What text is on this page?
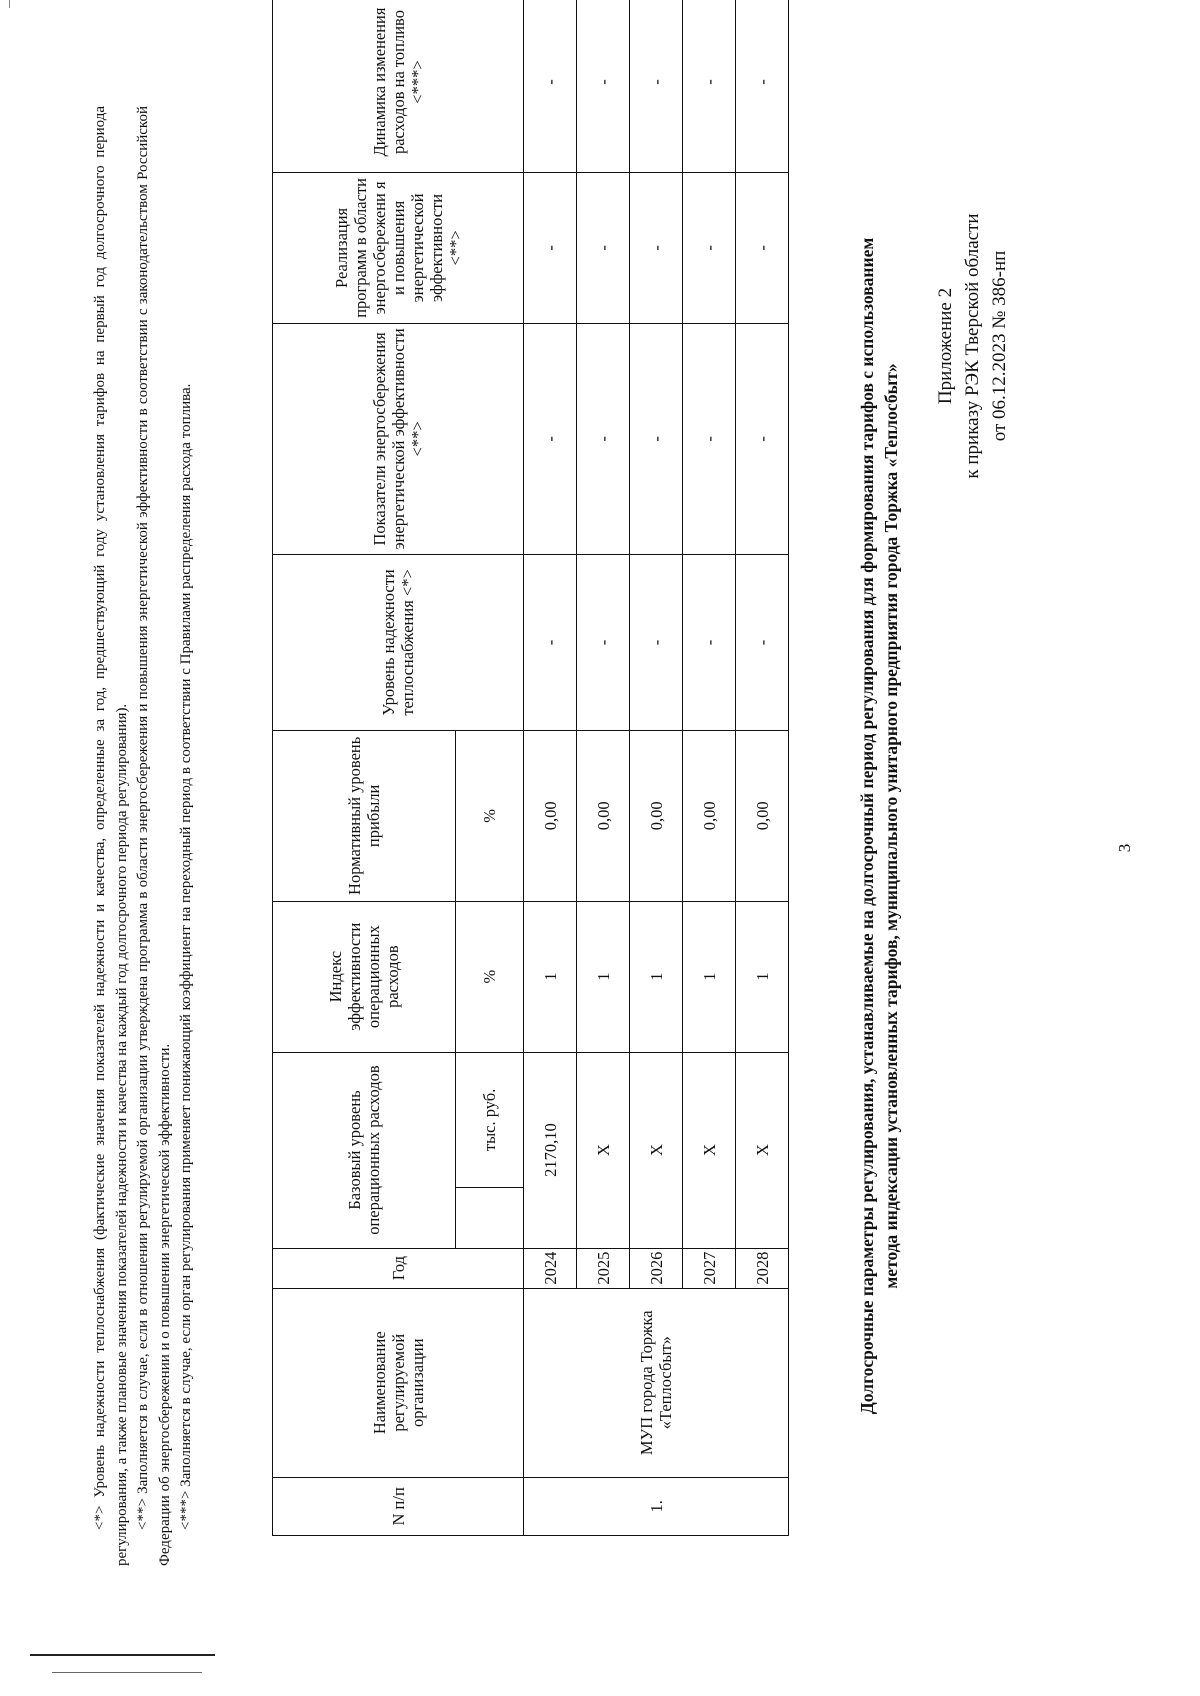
3
Приложение 2 к приказу РЭК Тверской области от 06.12.2023 № 386-нп
Долгосрочные параметры регулирования, устанавливаемые на долгосрочный период регулирования для формирования тарифов с использованием метода индексации установленных тарифов, муниципального унитарного предприятия города Торжка «Теплосбыт»
N п/п	Наименование регулируемой организации	Год	Базовый уровень операционных расходов		Индекс эффективности операционных расходов	Нормативный уровень прибыли	Уровень надежности теплоснабжения <*>	Показатели энергосбережения энергетической эффективности <**>	Реализация программ в области энергосбережени я и повышения энергетической эффективности <**>	Динамика изменения расходов на топливо <***>
				тыс. руб.	%	%				
1.	МУП города Торжка «Теплосбыт»	2024	2170,10		1	0,00	-	-	-	-
		2025	Х		1	0,00	-	-	-	-
		2026	Х		1	0,00	-	-	-	-
		2027	Х		1	0,00	-	-	-	-
		2028	Х		1	0,00	-	-	-	-

<*> Уровень надежности теплоснабжения (фактические значения показателей надежности и качества, определенные за год, предшествующий году установления тарифов на первый год долгосрочного периода регулирования, а также плановые значения показателей надежности и качества на каждый год долгосрочного периода регулирования). <**> Заполняется в случае, если в отношении регулируемой организации утверждена программа в области энергосбережения и повышения энергетической эффективности в соответствии с законодательством Российской Федерации об энергосбережении и о повышении энергетической эффективности. <***> Заполняется в случае, если орган регулирования применяет понижающий коэффициент на переходный период в соответствии с Правилами распределения расхода топлива.
